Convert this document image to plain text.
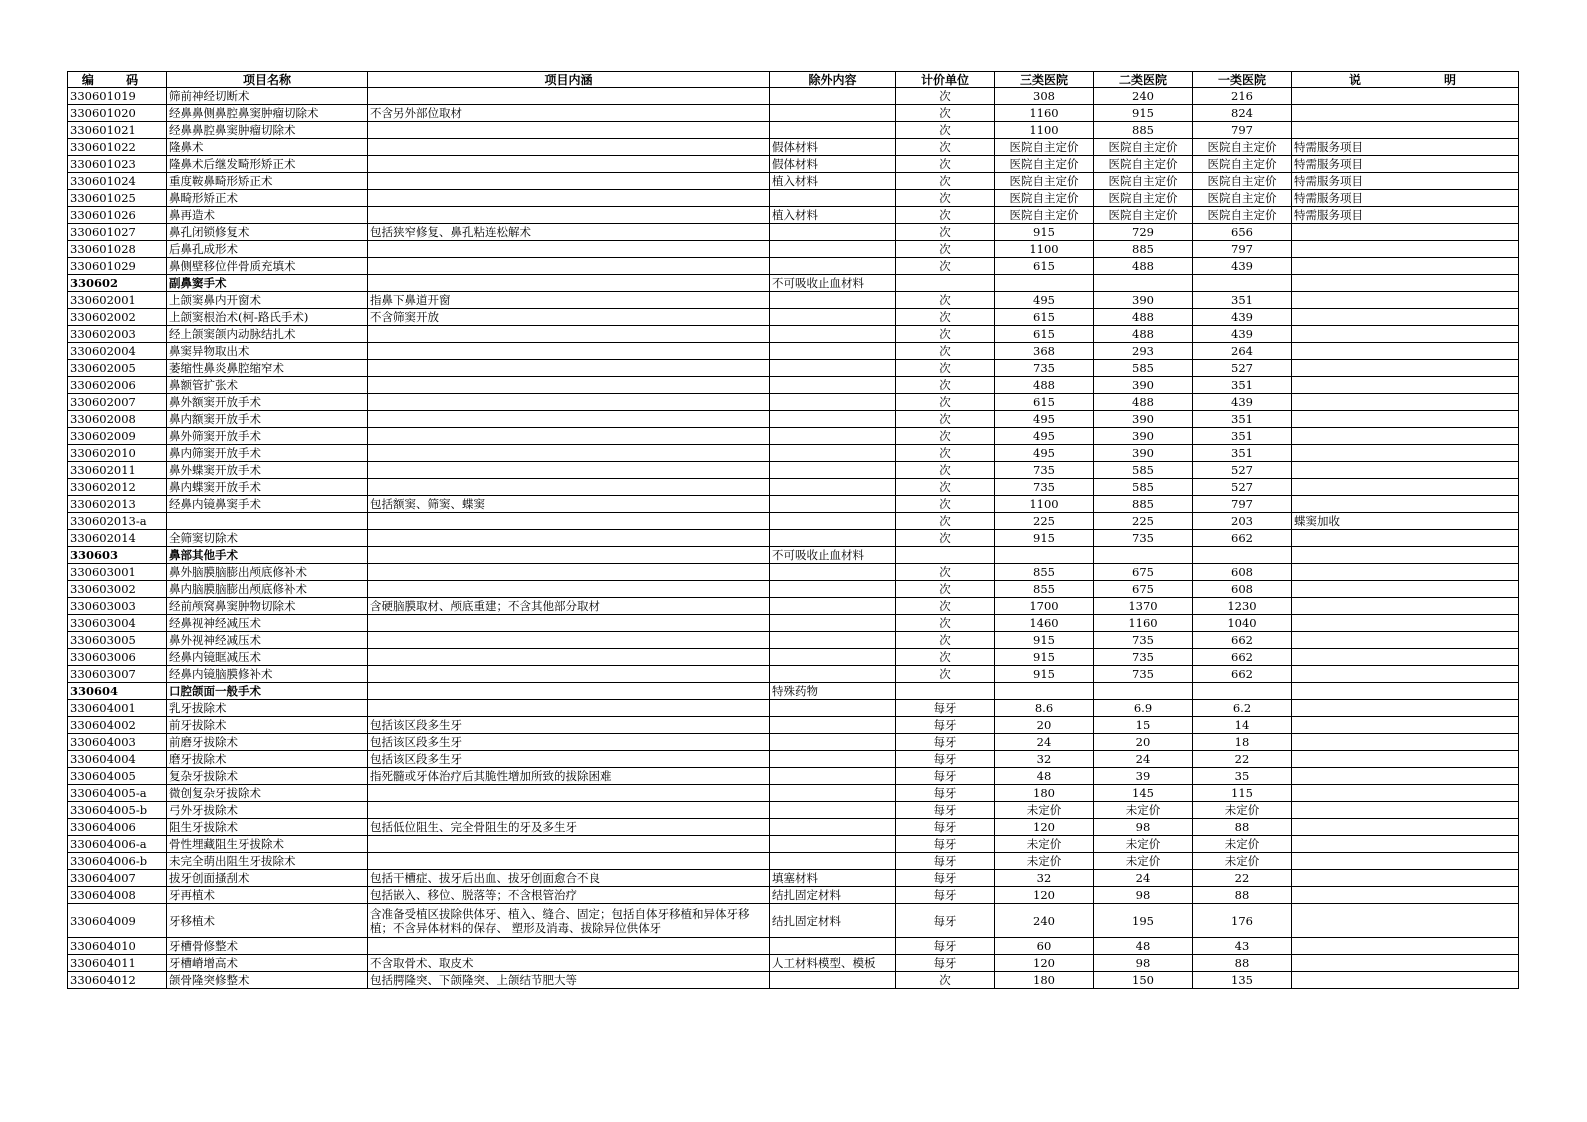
编 码	项目名称	项目内涵	除外内容	计价单位	三类医院	二类医院	一类医院	说 明

330601019	筛前神经切断术			次	308	240	216	
330601020	经鼻鼻侧鼻腔鼻窦肿瘤切除术	不含另外部位取材		次	1160	915	824	
330601021	经鼻鼻腔鼻窦肿瘤切除术			次	1100	885	797	
330601022	隆鼻术		假体材料	次	医院自主定价	医院自主定价	医院自主定价	特需服务项目
330601023	隆鼻术后继发畸形矫正术		假体材料	次	医院自主定价	医院自主定价	医院自主定价	特需服务项目
330601024	重度鞍鼻畸形矫正术		植入材料	次	医院自主定价	医院自主定价	医院自主定价	特需服务项目
330601025	鼻畸形矫正术			次	医院自主定价	医院自主定价	医院自主定价	特需服务项目
330601026	鼻再造术		植入材料	次	医院自主定价	医院自主定价	医院自主定价	特需服务项目
330601027	鼻孔闭锁修复术	包括狭窄修复、鼻孔粘连松解术		次	915	729	656	
330601028	后鼻孔成形术			次	1100	885	797	
330601029	鼻侧壁移位伴骨质充填术			次	615	488	439	
330602	副鼻窦手术		不可吸收止血材料					
330602001	上颌窦鼻内开窗术	指鼻下鼻道开窗		次	495	390	351	
330602002	上颌窦根治术(柯-路氏手术)	不含筛窦开放		次	615	488	439	
330602003	经上颌窦颌内动脉结扎术			次	615	488	439	
330602004	鼻窦异物取出术			次	368	293	264	
330602005	萎缩性鼻炎鼻腔缩窄术			次	735	585	527	
330602006	鼻额管扩张术			次	488	390	351	
330602007	鼻外额窦开放手术			次	615	488	439	
330602008	鼻内额窦开放手术			次	495	390	351	
330602009	鼻外筛窦开放手术			次	495	390	351	
330602010	鼻内筛窦开放手术			次	495	390	351	
330602011	鼻外蝶窦开放手术			次	735	585	527	
330602012	鼻内蝶窦开放手术			次	735	585	527	
330602013	经鼻内镜鼻窦手术	包括额窦、筛窦、蝶窦		次	1100	885	797	
330602013-a				次	225	225	203	蝶窦加收
330602014	全筛窦切除术			次	915	735	662	
330603	鼻部其他手术		不可吸收止血材料					
330603001	鼻外脑膜脑膨出颅底修补术			次	855	675	608	
330603002	鼻内脑膜脑膨出颅底修补术			次	855	675	608	
330603003	经前颅窝鼻窦肿物切除术	含硬脑膜取材、颅底重建；不含其他部分取材		次	1700	1370	1230	
330603004	经鼻视神经减压术			次	1460	1160	1040	
330603005	鼻外视神经减压术			次	915	735	662	
330603006	经鼻内镜眶减压术			次	915	735	662	
330603007	经鼻内镜脑膜修补术			次	915	735	662	
330604	口腔颌面一般手术		特殊药物					
330604001	乳牙拔除术			每牙	8.6	6.9	6.2	
330604002	前牙拔除术	包括该区段多生牙		每牙	20	15	14	
330604003	前磨牙拔除术	包括该区段多生牙		每牙	24	20	18	
330604004	磨牙拔除术	包括该区段多生牙		每牙	32	24	22	
330604005	复杂牙拔除术	指死髓或牙体治疗后其脆性增加所致的拔除困难		每牙	48	39	35	
330604005-a	微创复杂牙拔除术			每牙	180	145	115	
330604005-b	弓外牙拔除术			每牙	未定价	未定价	未定价	
330604006	阻生牙拔除术	包括低位阻生、完全骨阻生的牙及多生牙		每牙	120	98	88	
330604006-a	骨性埋藏阻生牙拔除术			每牙	未定价	未定价	未定价	
330604006-b	未完全萌出阻生牙拔除术			每牙	未定价	未定价	未定价	
330604007	拔牙创面搔刮术	包括干槽症、拔牙后出血、拔牙创面愈合不良	填塞材料	每牙	32	24	22	
330604008	牙再植术	包括嵌入、移位、脱落等；不含根管治疗	结扎固定材料	每牙	120	98	88	
330604009	牙移植术	含准备受植区拔除供体牙、植入、缝合、固定；包括自体牙移植和异体牙移植；不含异体材料的保存、 塑形及消毒、拔除异位供体牙	结扎固定材料	每牙	240	195	176	
330604010	牙槽骨修整术			每牙	60	48	43	
330604011	牙槽嵴增高术	不含取骨术、取皮术	人工材料模型、模板	每牙	120	98	88	
330604012	颌骨隆突修整术	包括腭隆突、下颌隆突、上颌结节肥大等		次	180	150	135	
